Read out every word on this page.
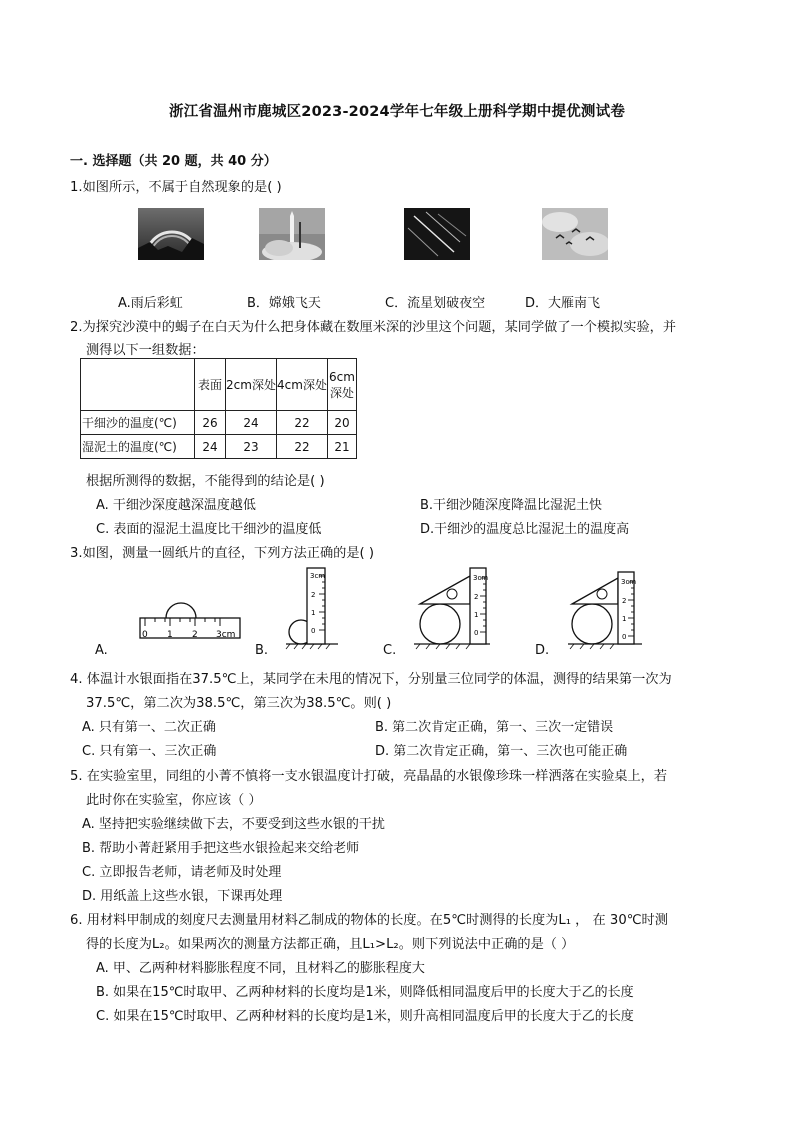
浙江省温州市鹿城区2023-2024学年七年级上册科学期中提优测试卷
一. 选择题（共 20 题，共 40 分）
1.如图所示，不属于自然现象的是( )
A.雨后彩虹	B．嫦娥飞天	C．流星划破夜空	D．大雁南飞
2.为探究沙漠中的蝎子在白天为什么把身体藏在数厘米深的沙里这个问题，某同学做了一个模拟实验，并
测得以下一组数据：
	表面	2cm深处	4cm深处	6cm
深处
干细沙的温度(℃)	26	24	22	20
湿泥土的温度(℃)	24	23	22	21
根据所测得的数据，不能得到的结论是( )
A. 干细沙深度越深温度越低	B.干细沙随深度降温比湿泥土快
C. 表面的湿泥土温度比干细沙的温度低	D.干细沙的温度总比湿泥土的温度高
3.如图，测量一圆纸片的直径，下列方法正确的是( )
0 1 2 3cm
A.
3cm
2
1
0
B.
3cm
2
1
0
C.
3cm
2
1
0
D.
4. 体温计水银面指在37.5℃上，某同学在未甩的情况下，分别量三位同学的体温，测得的结果第一次为
37.5℃，第二次为38.5℃，第三次为38.5℃。则( )
A. 只有第一、二次正确	B. 第二次肯定正确，第一、三次一定错误
C. 只有第一、三次正确	D. 第二次肯定正确，第一、三次也可能正确
5. 在实验室里，同组的小菁不慎将一支水银温度计打破，亮晶晶的水银像珍珠一样洒落在实验桌上，若
此时你在实验室，你应该（ ）
A. 坚持把实验继续做下去，不要受到这些水银的干扰
B. 帮助小菁赶紧用手把这些水银捡起来交给老师
C. 立即报告老师，请老师及时处理
D. 用纸盖上这些水银，下课再处理
6. 用材料甲制成的刻度尺去测量用材料乙制成的物体的长度。在5℃时测得的长度为L₁ ， 在 30℃时测
得的长度为L₂。如果两次的测量方法都正确，且L₁>L₂。则下列说法中正确的是（ ）
A. 甲、乙两种材料膨胀程度不同，且材料乙的膨胀程度大
B. 如果在15℃时取甲、乙两种材料的长度均是1米，则降低相同温度后甲的长度大于乙的长度
C. 如果在15℃时取甲、乙两种材料的长度均是1米，则升高相同温度后甲的长度大于乙的长度
